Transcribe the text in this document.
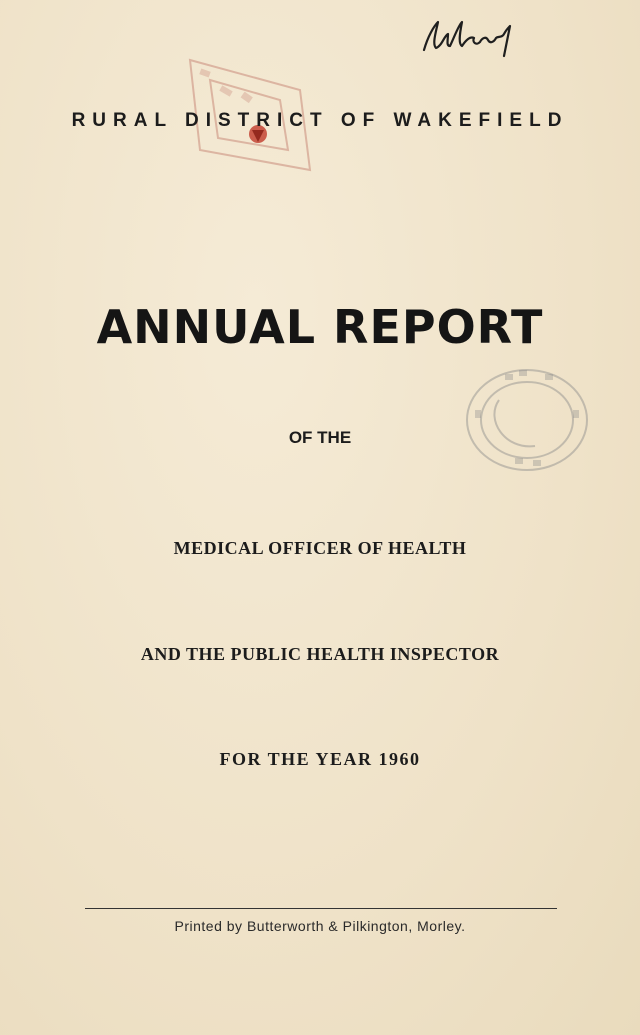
RURAL DISTRICT OF WAKEFIELD
ANNUAL REPORT
OF THE
MEDICAL OFFICER OF HEALTH
AND THE PUBLIC HEALTH INSPECTOR
FOR THE YEAR 1960
Printed by Butterworth & Pilkington, Morley.
